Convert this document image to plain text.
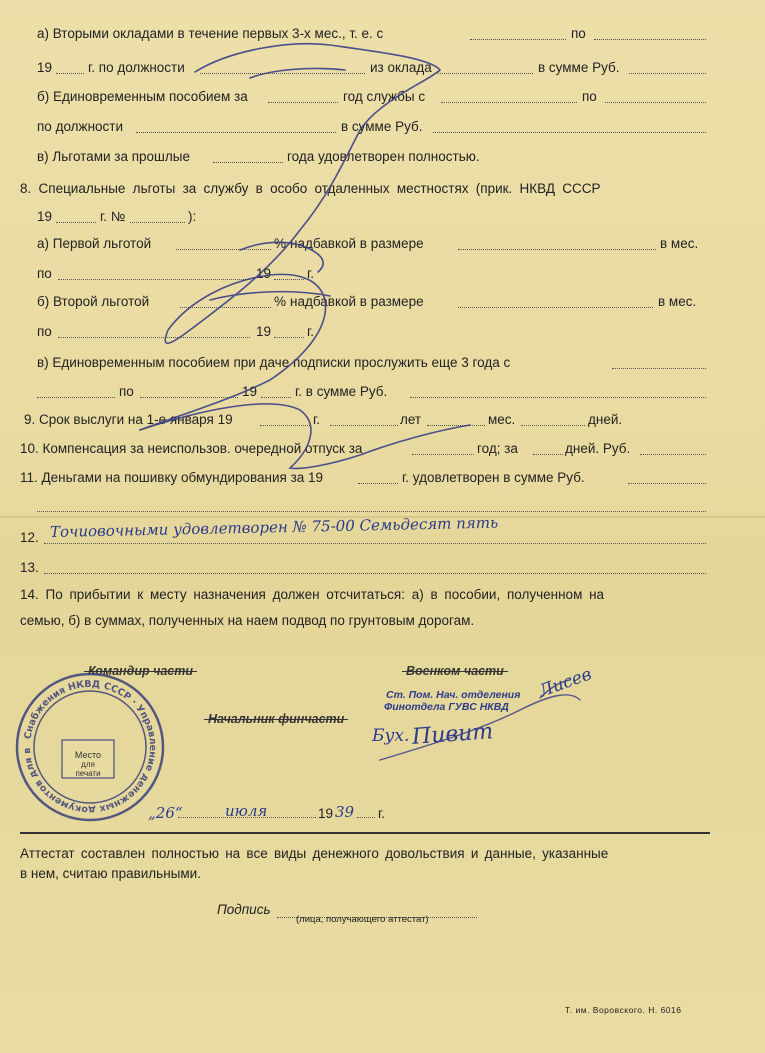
а) Вторыми окладами в течение первых 3-х мес., т. е. с	по
19	г. по должности	из оклада	в сумме Руб.
б) Единовременным пособием за	год службы с	по
по должности	в сумме Руб.
в) Льготами за прошлые	года удовлетворен полностью.
8. Специальные льготы за службу в особо отдаленных местностях (прик. НКВД СССР
19	г. №	):
а) Первой льготой	% надбавкой в размере	в мес.
по	19	г.
б) Второй льготой	% надбавкой в размере	в мес.
по	19	г.
в) Единовременным пособием при даче подписки прослужить еще 3 года с
по	19	г. в сумме Руб.
9. Срок выслуги на 1-е января 19	г.	лет	мес.	дней.
10. Компенсация за неиспользов. очередной отпуск за	год; за	дней. Руб.
11. Деньгами на пошивку обмундирования за 19	г. удовлетворен в сумме Руб.
12. Точиовочными удовлетворен № 75-00 Семьдесят пять
13.
14. По прибытии к месту назначения должен отсчитаться: а) в пособии, полученном на
семью, б) в суммах, полученных на наем подвод по грунтовым дорогам.
Командир части	Военком части
Начальник финчасти
Ст. Пом. Нач. отделения
Финотдела ГУВС НКВД
Бух. Пивит
Лисев
Снабжения НКВД СССР · Управление денежных документов для в	Место
для
печати
„26“	июля	19 39 г.
Аттестат составлен полностью на все виды денежного довольствия и данные, указанные
в нем, считаю правильными.
Подпись
(лица, получающего аттестат)
Т. им. Воровского. Н. 6016
